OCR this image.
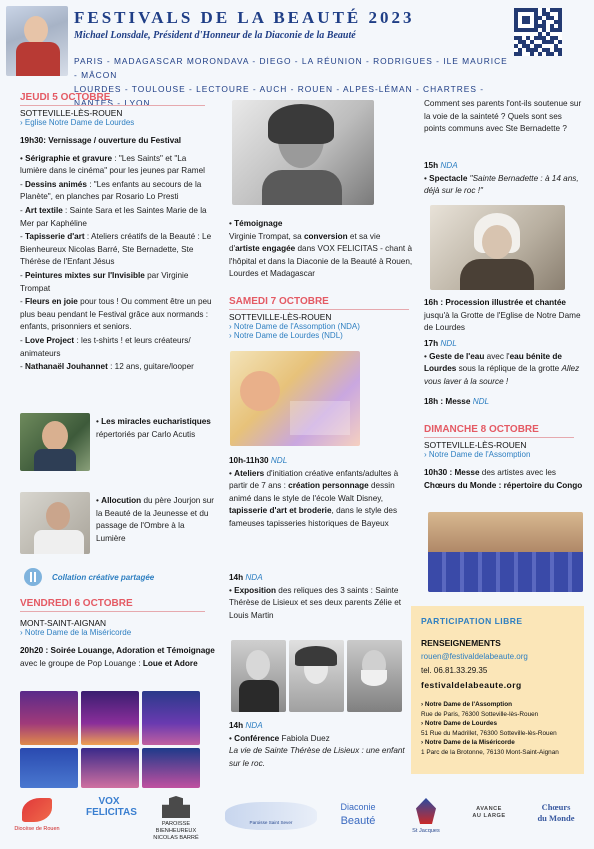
FESTIVALS DE LA BEAUTÉ 2023
Michael Lonsdale, Président d'Honneur de la Diaconie de la Beauté
PARIS - MADAGASCAR MORONDAVA - DIEGO - LA RÉUNION - RODRIGUES - ILE MAURICE - MÂCON
LOURDES - TOULOUSE - LECTOURE - AUCH - ROUEN - ALPES-LÉMAN - CHARTRES - NANTES - LYON
JEUDI 5 OCTOBRE
SOTTEVILLE-LÈS-ROUEN
› Eglise Notre Dame de Lourdes
19h30: Vernissage / ouverture du Festival
• Sérigraphie et gravure : "Les Saints" et "La lumière dans le cinéma" pour les jeunes par Ramel
- Dessins animés : "Les enfants au secours de la Planète", en planches par Rosario Lo Presti
- Art textile : Sainte Sara et les Saintes Marie de la Mer par Kaphéline
- Tapisserie d'art : Ateliers créatifs de la Beauté : Le Bienheureux Nicolas Barré, Ste Bernadette, Ste Thérèse de l'Enfant Jésus
- Peintures mixtes sur l'Invisible par Virginie Trompat
- Fleurs en joie pour tous ! Ou comment être un peu plus beau pendant le Festival grâce aux normands : enfants, prisonniers et seniors.
- Love Project : les t-shirts ! et leurs créateurs/ animateurs
- Nathanaël Jouhannet : 12 ans, guitare/looper
• Les miracles eucharistiques répertoriés par Carlo Acutis
• Allocution du père Jourjon sur la Beauté de la Jeunesse et du passage de l'Ombre à la Lumière
Collation créative partagée
VENDREDI 6 OCTOBRE
MONT-SAINT-AIGNAN
› Notre Dame de la Miséricorde
20h20 : Soirée Louange, Adoration et Témoignage avec le groupe de Pop Louange : Loue et Adore
• Témoignage
Virginie Trompat, sa conversion et sa vie d'artiste engagée dans VOX FELICITAS - chant à l'hôpital et dans la Diaconie de la Beauté à Rouen, Lourdes et Madagascar
SAMEDI 7 OCTOBRE
SOTTEVILLE-LÈS-ROUEN
› Notre Dame de l'Assomption (NDA)
› Notre Dame de Lourdes (NDL)
10h-11h30 NDL
• Ateliers d'initiation créative enfants/adultes à partir de 7 ans : création personnage dessin animé dans le style de l'école Walt Disney, tapisserie d'art et broderie, dans le style des fameuses tapisseries historiques de Bayeux
14h NDA
• Exposition des reliques des 3 saints : Sainte Thérèse de Lisieux et ses deux parents Zélie et Louis Martin
14h NDA
• Conférence Fabiola Duez
La vie de Sainte Thérèse de Lisieux : une enfant sur le roc.
Comment ses parents l'ont-ils soutenue sur la voie de la sainteté ? Quels sont ses points communs avec Ste Bernadette ?
15h NDA
• Spectacle "Sainte Bernadette : à 14 ans, déjà sur le roc !"
16h : Procession illustrée et chantée jusqu'à la Grotte de l'Eglise de Notre Dame de Lourdes
17h NDL
• Geste de l'eau avec l'eau bénite de Lourdes sous la réplique de la grotte Allez vous laver à la source !
18h : Messe NDL
DIMANCHE 8 OCTOBRE
SOTTEVILLE-LÈS-ROUEN
› Notre Dame de l'Assomption
10h30 : Messe des artistes avec les Chœurs du Monde : répertoire du Congo
PARTICIPATION LIBRE
RENSEIGNEMENTS
rouen@festivaldelabeaute.org
tel. 06.81.33.29.35
festivaldelabeaute.org
› Notre Dame de l'Assomption
Rue de Paris, 76300 Sotteville-lès-Rouen
› Notre Dame de Lourdes
51 Rue du Madrillet, 76300 Sotteville-lès-Rouen
› Notre Dame de la Miséricorde
1 Parc de la Brotonne, 76130 Mont-Saint-Aignan
Diocèse de Rouen
VOX FELICITAS
PAROISSE BIENHEUREUX NICOLAS BARRÉ
Paroisse Saint Sever
Diaconie
Beauté
St Jacques
AVANCE
AU LARGE
Chœurs
du Monde
